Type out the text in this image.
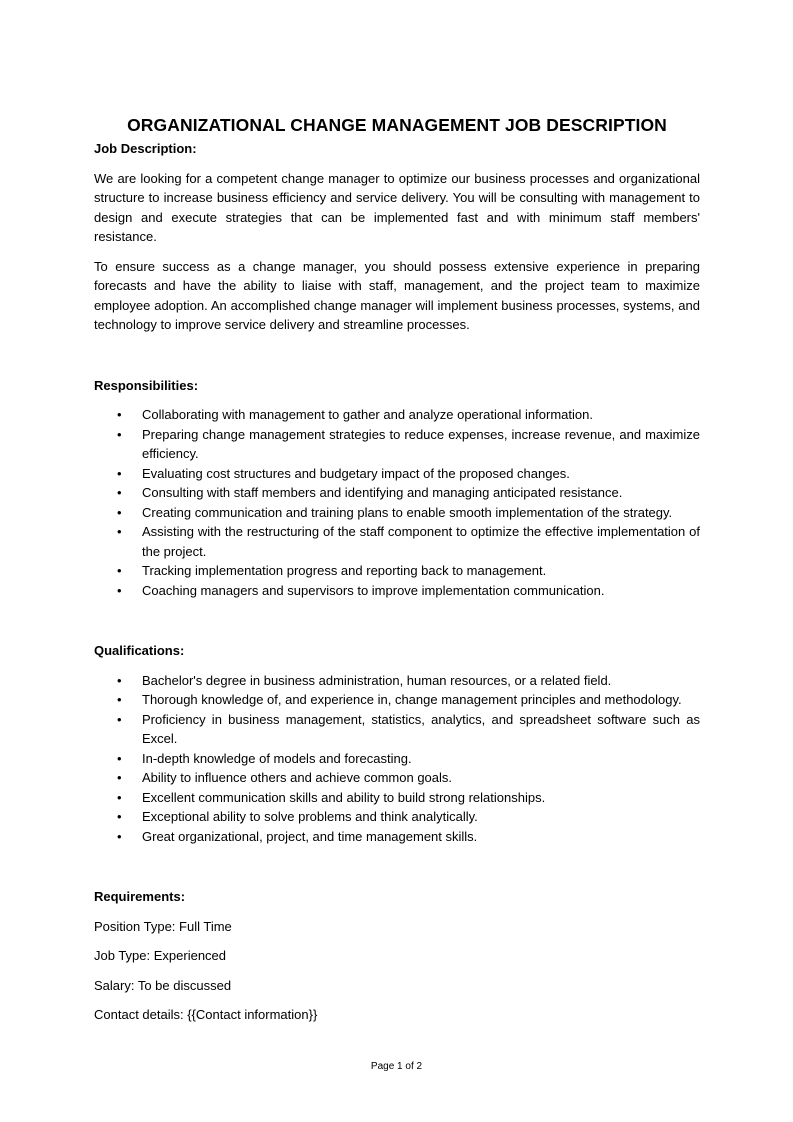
ORGANIZATIONAL CHANGE MANAGEMENT JOB DESCRIPTION

Job Description:

We are looking for a competent change manager to optimize our business processes and organizational structure to increase business efficiency and service delivery. You will be consulting with management to design and execute strategies that can be implemented fast and with minimum staff members' resistance.

To ensure success as a change manager, you should possess extensive experience in preparing forecasts and have the ability to liaise with staff, management, and the project team to maximize employee adoption. An accomplished change manager will implement business processes, systems, and technology to improve service delivery and streamline processes.

Responsibilities:

• Collaborating with management to gather and analyze operational information.
• Preparing change management strategies to reduce expenses, increase revenue, and maximize efficiency.
• Evaluating cost structures and budgetary impact of the proposed changes.
• Consulting with staff members and identifying and managing anticipated resistance.
• Creating communication and training plans to enable smooth implementation of the strategy.
• Assisting with the restructuring of the staff component to optimize the effective implementation of the project.
• Tracking implementation progress and reporting back to management.
• Coaching managers and supervisors to improve implementation communication.

Qualifications:

• Bachelor's degree in business administration, human resources, or a related field.
• Thorough knowledge of, and experience in, change management principles and methodology.
• Proficiency in business management, statistics, analytics, and spreadsheet software such as Excel.
• In-depth knowledge of models and forecasting.
• Ability to influence others and achieve common goals.
• Excellent communication skills and ability to build strong relationships.
• Exceptional ability to solve problems and think analytically.
• Great organizational, project, and time management skills.

Requirements:

Position Type: Full Time

Job Type: Experienced

Salary: To be discussed

Contact details: {{Contact information}}

Page 1 of 2
